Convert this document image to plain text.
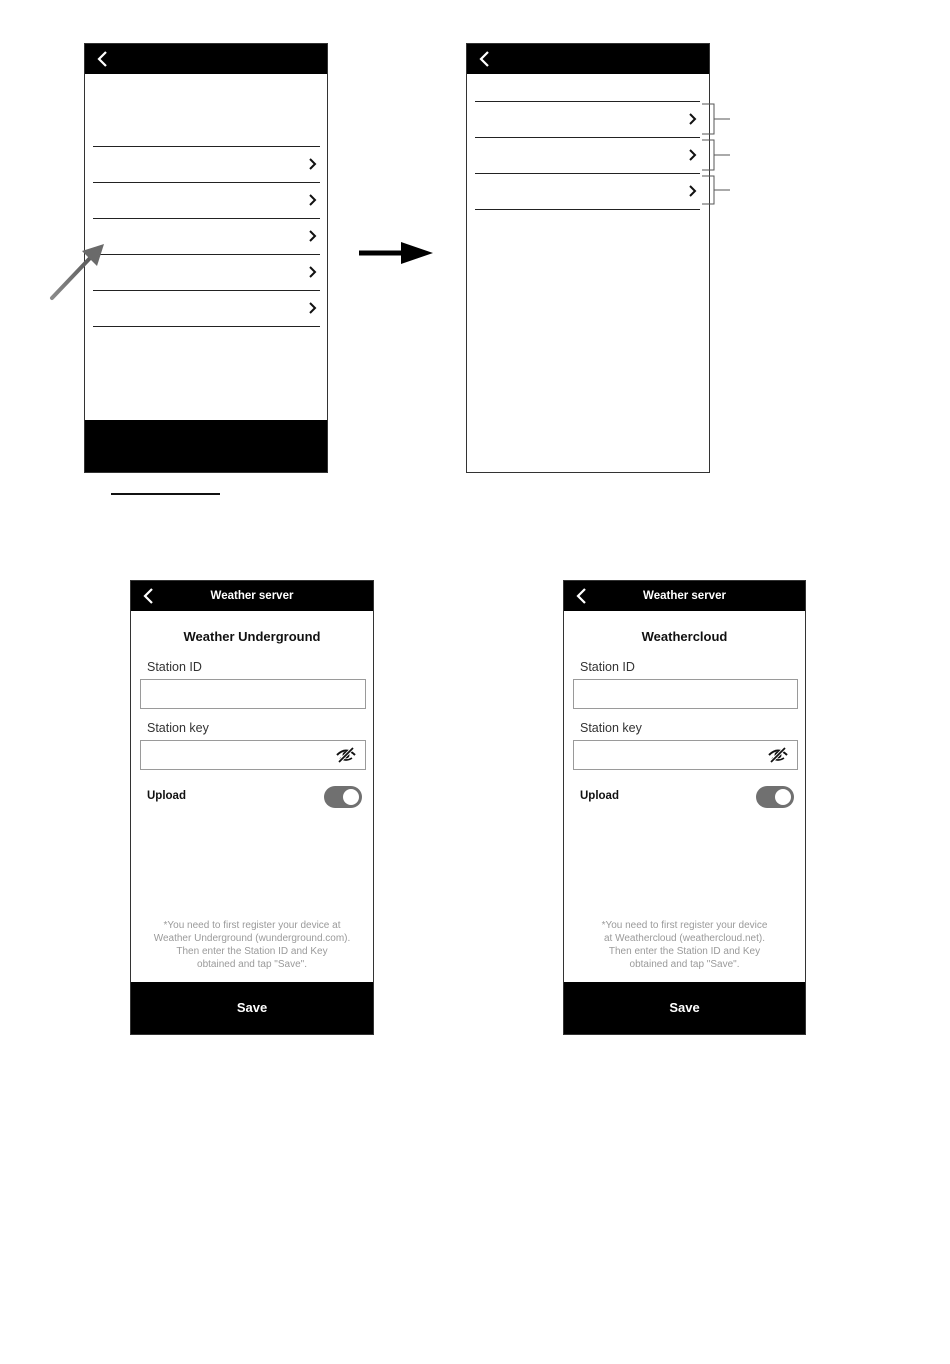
Weather server
Weather Underground
Station ID
Station key
Upload
*You need to first register your device at
Weather Underground (wunderground.com).
Then enter the Station ID and Key
obtained and tap "Save".
Save
Weather server
Weathercloud
Station ID
Station key
Upload
*You need to first register your device
at Weathercloud (weathercloud.net).
Then enter the Station ID and Key
obtained and tap "Save".
Save
